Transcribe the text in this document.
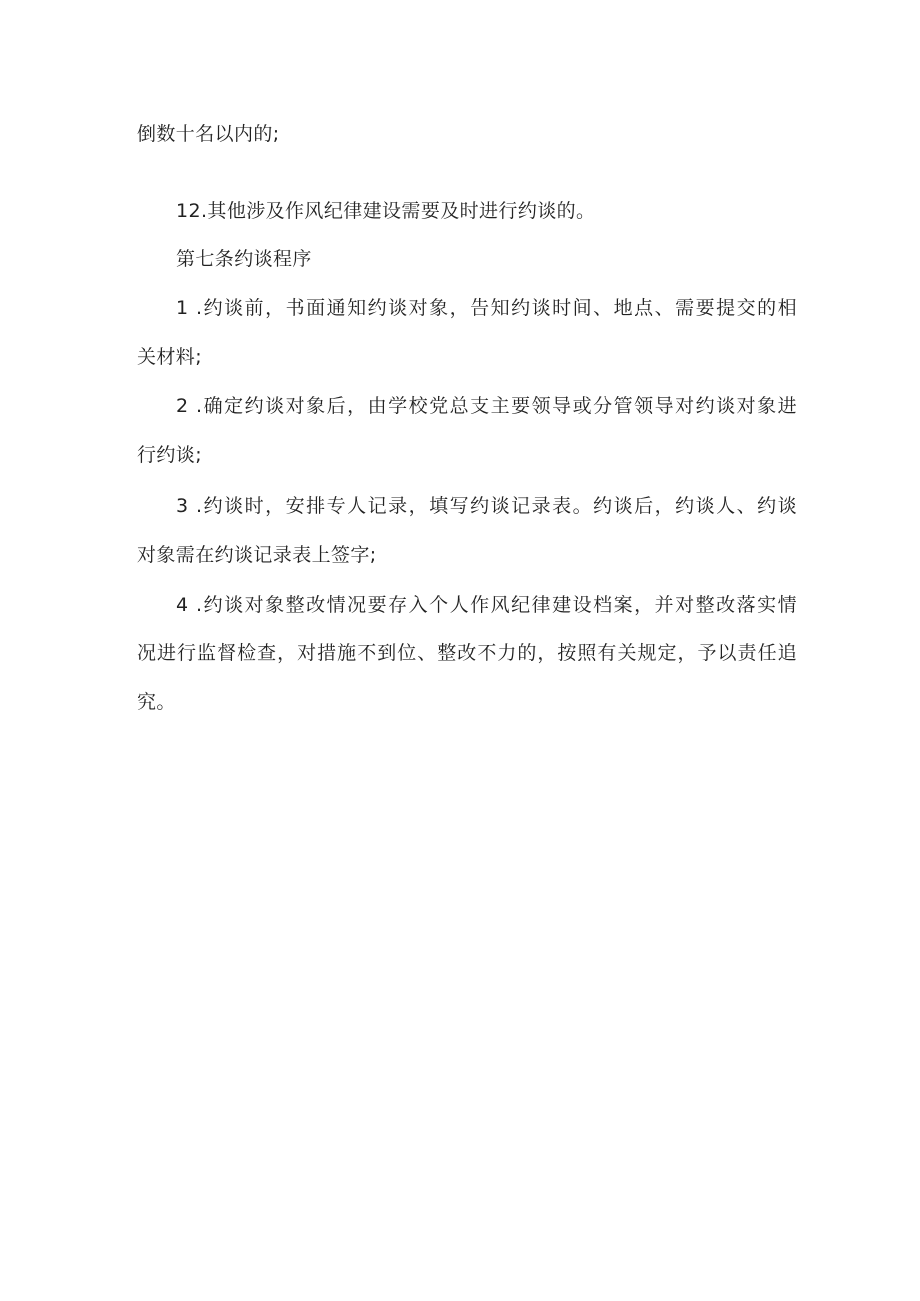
倒数十名以内的;
12.其他涉及作风纪律建设需要及时进行约谈的。
第七条约谈程序
1 .约谈前，书面通知约谈对象，告知约谈时间、地点、需要提交的相
关材料;
2 .确定约谈对象后，由学校党总支主要领导或分管领导对约谈对象进
行约谈;
3 .约谈时，安排专人记录，填写约谈记录表。约谈后，约谈人、约谈
对象需在约谈记录表上签字;
4 .约谈对象整改情况要存入个人作风纪律建设档案，并对整改落实情
况进行监督检查，对措施不到位、整改不力的，按照有关规定，予以责任追
究。
